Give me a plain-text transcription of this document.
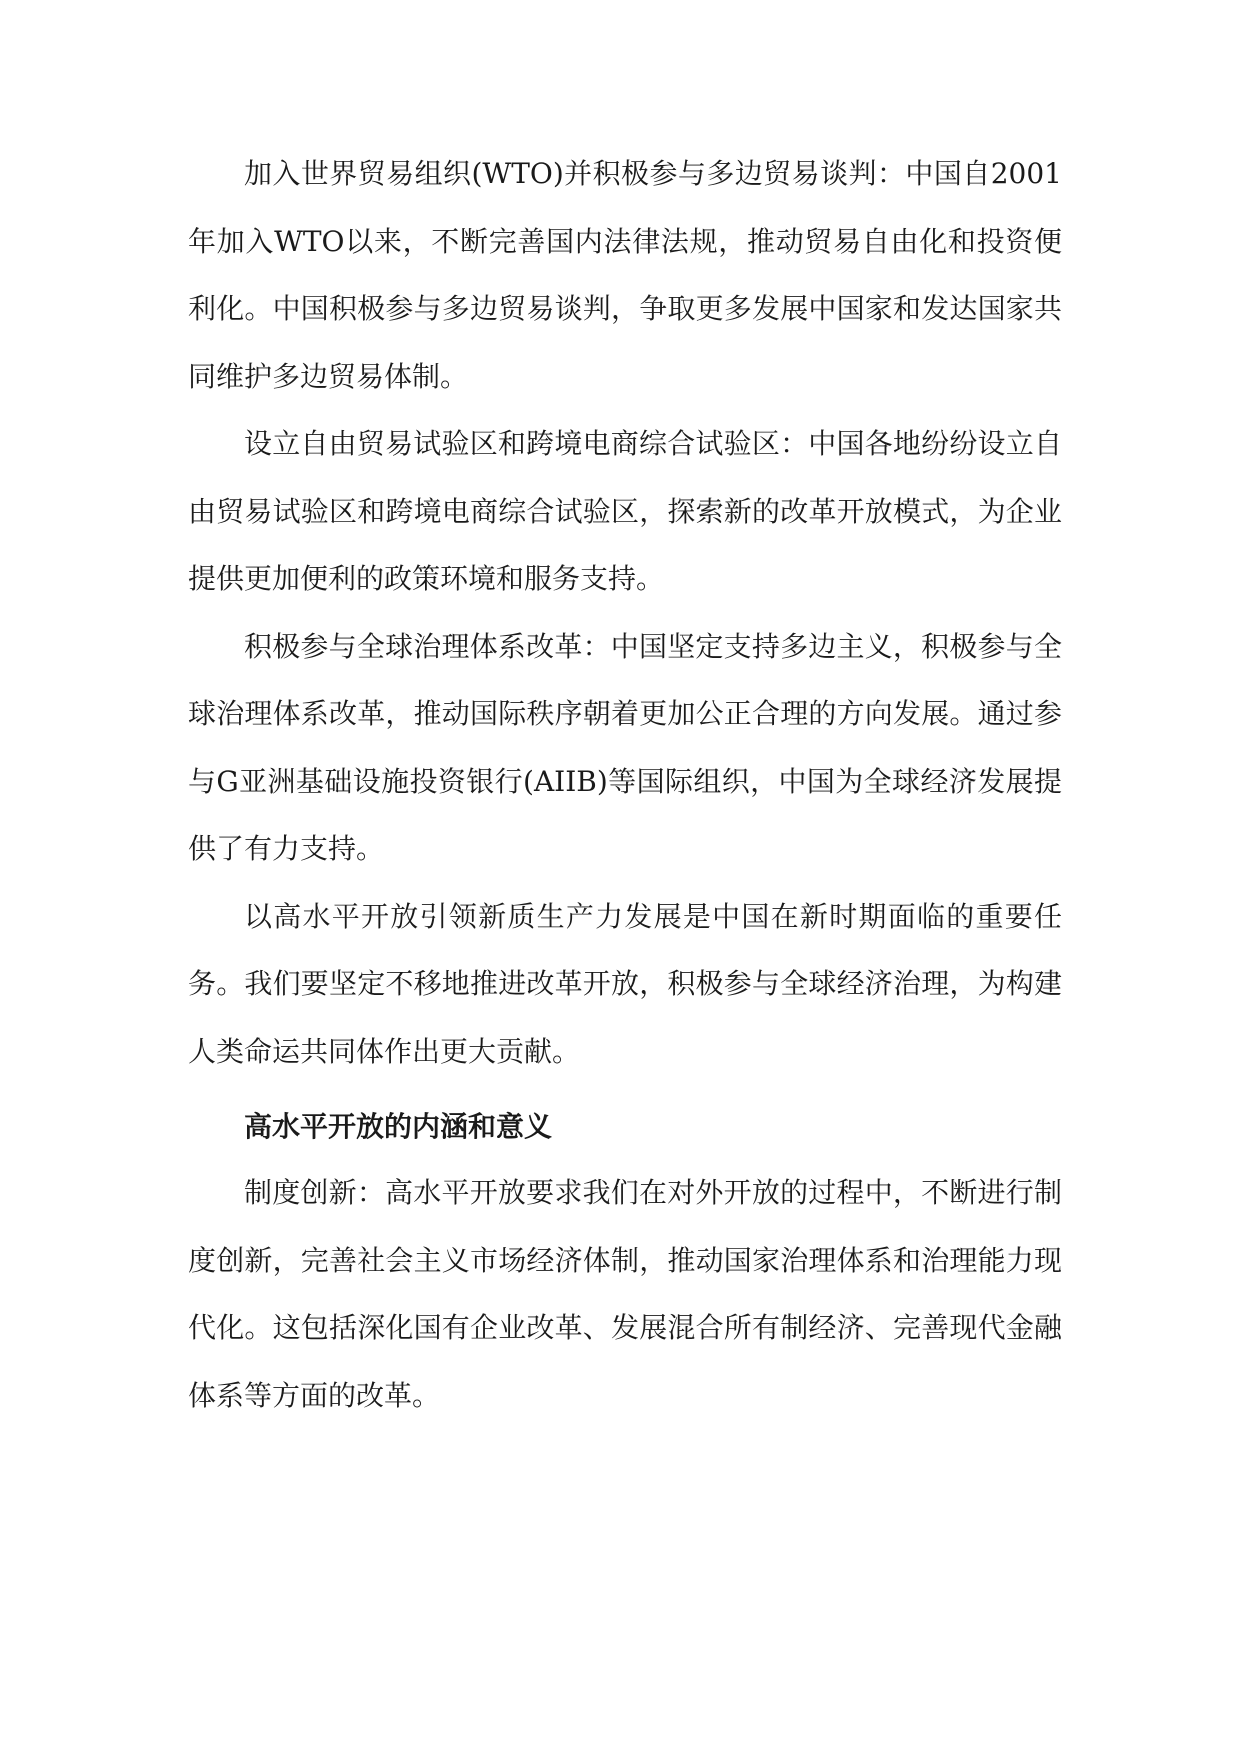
加入世界贸易组织(WTO)并积极参与多边贸易谈判：中国自2001年加入WTO以来，不断完善国内法律法规，推动贸易自由化和投资便利化。中国积极参与多边贸易谈判，争取更多发展中国家和发达国家共同维护多边贸易体制。

设立自由贸易试验区和跨境电商综合试验区：中国各地纷纷设立自由贸易试验区和跨境电商综合试验区，探索新的改革开放模式，为企业提供更加便利的政策环境和服务支持。

积极参与全球治理体系改革：中国坚定支持多边主义，积极参与全球治理体系改革，推动国际秩序朝着更加公正合理的方向发展。通过参与G亚洲基础设施投资银行(AIIB)等国际组织，中国为全球经济发展提供了有力支持。

以高水平开放引领新质生产力发展是中国在新时期面临的重要任务。我们要坚定不移地推进改革开放，积极参与全球经济治理，为构建人类命运共同体作出更大贡献。

高水平开放的内涵和意义

制度创新：高水平开放要求我们在对外开放的过程中，不断进行制度创新，完善社会主义市场经济体制，推动国家治理体系和治理能力现代化。这包括深化国有企业改革、发展混合所有制经济、完善现代金融体系等方面的改革。
